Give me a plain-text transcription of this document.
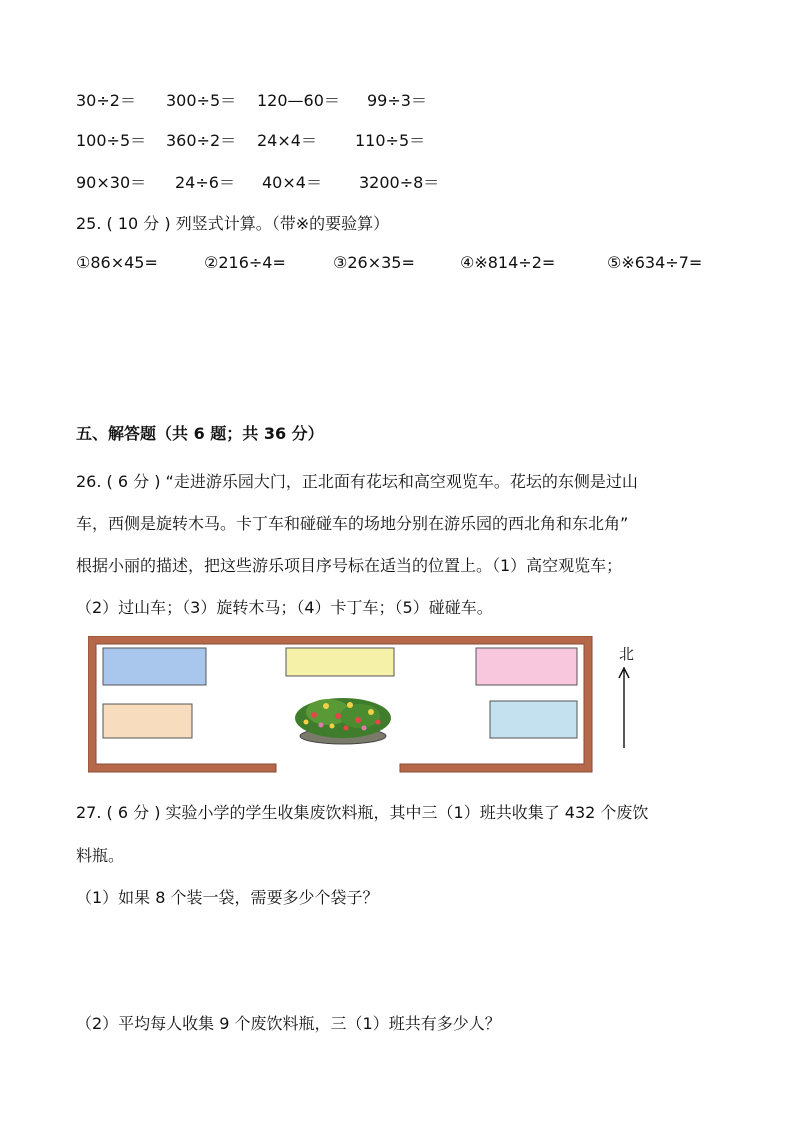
30÷2＝ 300÷5＝ 120—60＝ 99÷3＝
100÷5＝ 360÷2＝ 24×4＝ 110÷5＝
90×30＝ 24÷6＝ 40×4＝ 3200÷8＝
25. ( 10 分 ) 列竖式计算。（带※的要验算）
①86×45=	②216÷4=	③26×35=	④※814÷2=	⑤※634÷7=
五、解答题（共 6 题；共 36 分）
26. ( 6 分 ) “走进游乐园大门，正北面有花坛和高空观览车。花坛的东侧是过山
车，西侧是旋转木马。卡丁车和碰碰车的场地分别在游乐园的西北角和东北角”
根据小丽的描述，把这些游乐项目序号标在适当的位置上。（1）高空观览车；
（2）过山车；（3）旋转木马；（4）卡丁车；（5）碰碰车。
北
27. ( 6 分 ) 实验小学的学生收集废饮料瓶，其中三（1）班共收集了 432 个废饮
料瓶。
（1）如果 8 个装一袋，需要多少个袋子？
（2）平均每人收集 9 个废饮料瓶，三（1）班共有多少人？
